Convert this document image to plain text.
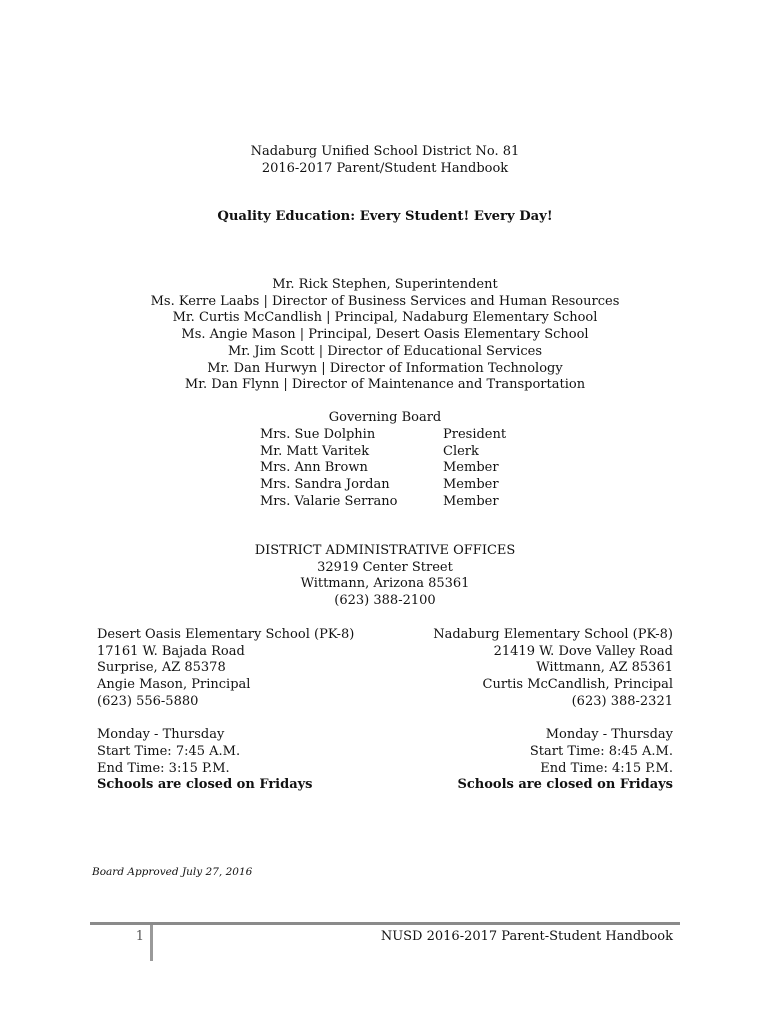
Nadaburg Unified School District No. 81
2016-2017 Parent/Student Handbook
Quality Education: Every Student! Every Day!
Mr. Rick Stephen, Superintendent
Ms. Kerre Laabs | Director of Business Services and Human Resources
Mr. Curtis McCandlish | Principal, Nadaburg Elementary School
Ms. Angie Mason | Principal, Desert Oasis Elementary School
Mr. Jim Scott | Director of Educational Services
Mr. Dan Hurwyn | Director of Information Technology
Mr. Dan Flynn | Director of Maintenance and Transportation
Governing Board
Mrs. Sue Dolphin	President
Mr. Matt Varitek	Clerk
Mrs. Ann Brown	Member
Mrs. Sandra Jordan	Member
Mrs. Valarie Serrano	Member
DISTRICT ADMINISTRATIVE OFFICES
32919 Center Street
Wittmann, Arizona 85361
(623) 388-2100
Desert Oasis Elementary School (PK-8)
17161 W. Bajada Road
Surprise, AZ 85378
Angie Mason, Principal
(623) 556-5880
Monday - Thursday
Start Time: 7:45 A.M.
End Time: 3:15 P.M.
Schools are closed on Fridays
Nadaburg Elementary School (PK-8)
21419 W. Dove Valley Road
Wittmann, AZ 85361
Curtis McCandlish, Principal
(623) 388-2321
Monday - Thursday
Start Time: 8:45 A.M.
End Time: 4:15 P.M.
Schools are closed on Fridays
Board Approved July 27, 2016
1	NUSD 2016-2017 Parent-Student Handbook
